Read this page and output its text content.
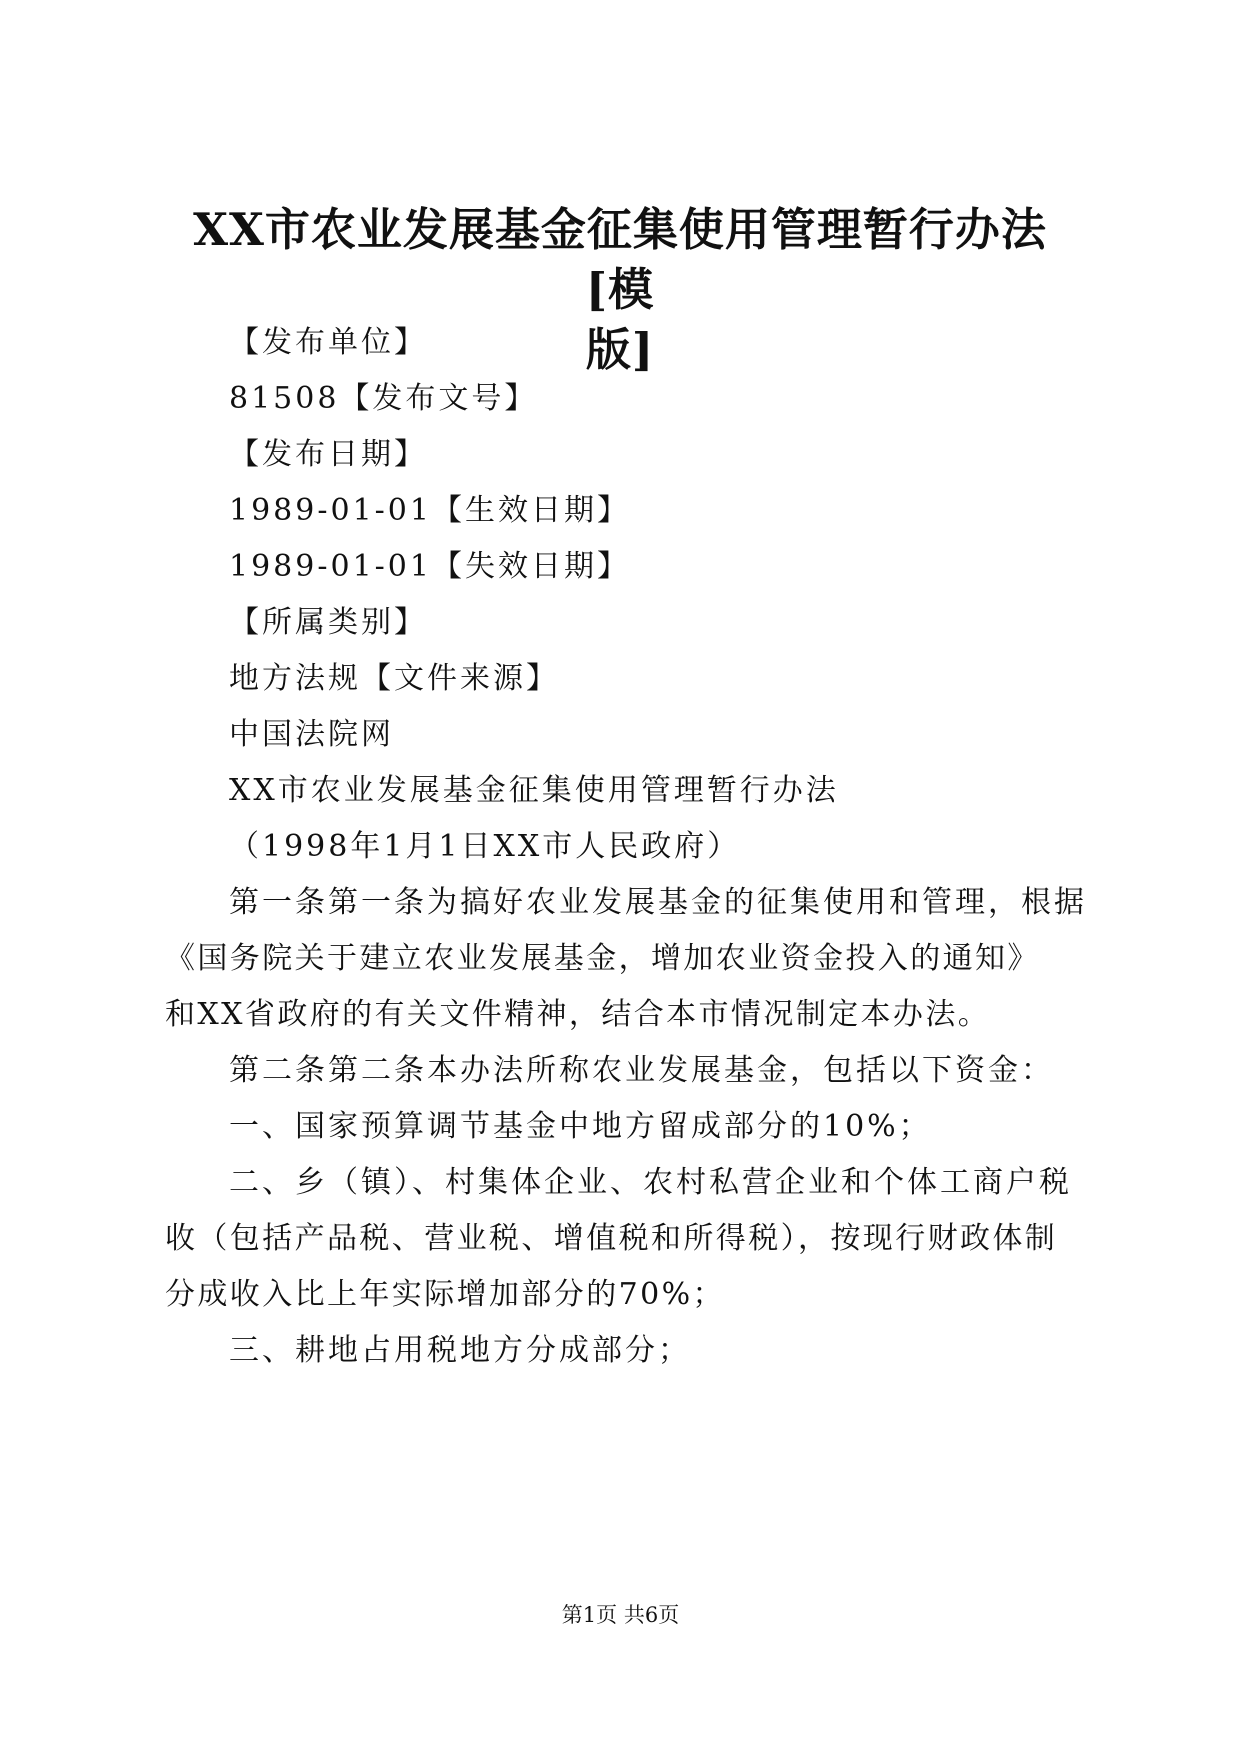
XX市农业发展基金征集使用管理暂行办法[模
版]
【发布单位】
81508【发布文号】
【发布日期】
1989-01-01【生效日期】
1989-01-01【失效日期】
【所属类别】
地方法规【文件来源】
中国法院网
XX市农业发展基金征集使用管理暂行办法
（1998年1月1日XX市人民政府）
第一条第一条为搞好农业发展基金的征集使用和管理，根据
《国务院关于建立农业发展基金，增加农业资金投入的通知》
和XX省政府的有关文件精神，结合本市情况制定本办法。
第二条第二条本办法所称农业发展基金，包括以下资金：
一、国家预算调节基金中地方留成部分的10%；
二、乡（镇）、村集体企业、农村私营企业和个体工商户税
收（包括产品税、营业税、增值税和所得税），按现行财政体制
分成收入比上年实际增加部分的70%；
三、耕地占用税地方分成部分；
第1页 共6页
